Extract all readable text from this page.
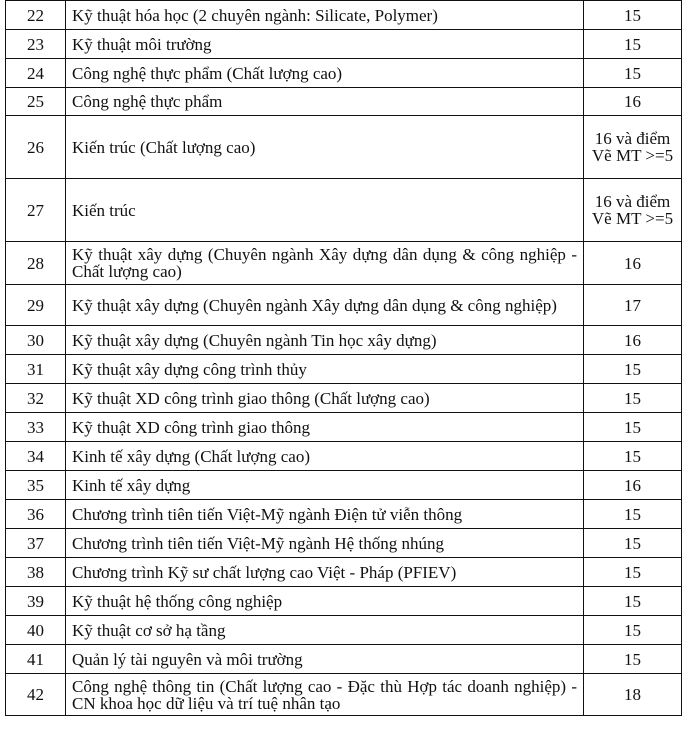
22	Kỹ thuật hóa học (2 chuyên ngành: Silicate, Polymer)	15
23	Kỹ thuật môi trường	15
24	Công nghệ thực phẩm (Chất lượng cao)	15
25	Công nghệ thực phẩm	16
26	Kiến trúc (Chất lượng cao)	16 và điểm Vẽ MT >=5
27	Kiến trúc	16 và điểm Vẽ MT >=5
28	Kỹ thuật xây dựng (Chuyên ngành Xây dựng dân dụng & công nghiệp - Chất lượng cao)	16
29	Kỹ thuật xây dựng (Chuyên ngành Xây dựng dân dụng & công nghiệp)	17
30	Kỹ thuật xây dựng (Chuyên ngành Tin học xây dựng)	16
31	Kỹ thuật xây dựng công trình thủy	15
32	Kỹ thuật XD công trình giao thông (Chất lượng cao)	15
33	Kỹ thuật XD công trình giao thông	15
34	Kinh tế xây dựng (Chất lượng cao)	15
35	Kinh tế xây dựng	16
36	Chương trình tiên tiến Việt-Mỹ ngành Điện tử viễn thông	15
37	Chương trình tiên tiến Việt-Mỹ ngành Hệ thống nhúng	15
38	Chương trình Kỹ sư chất lượng cao Việt - Pháp (PFIEV)	15
39	Kỹ thuật hệ thống công nghiệp	15
40	Kỹ thuật cơ sở hạ tầng	15
41	Quản lý tài nguyên và môi trường	15
42	Công nghệ thông tin (Chất lượng cao - Đặc thù Hợp tác doanh nghiệp) - CN khoa học dữ liệu và trí tuệ nhân tạo	18
